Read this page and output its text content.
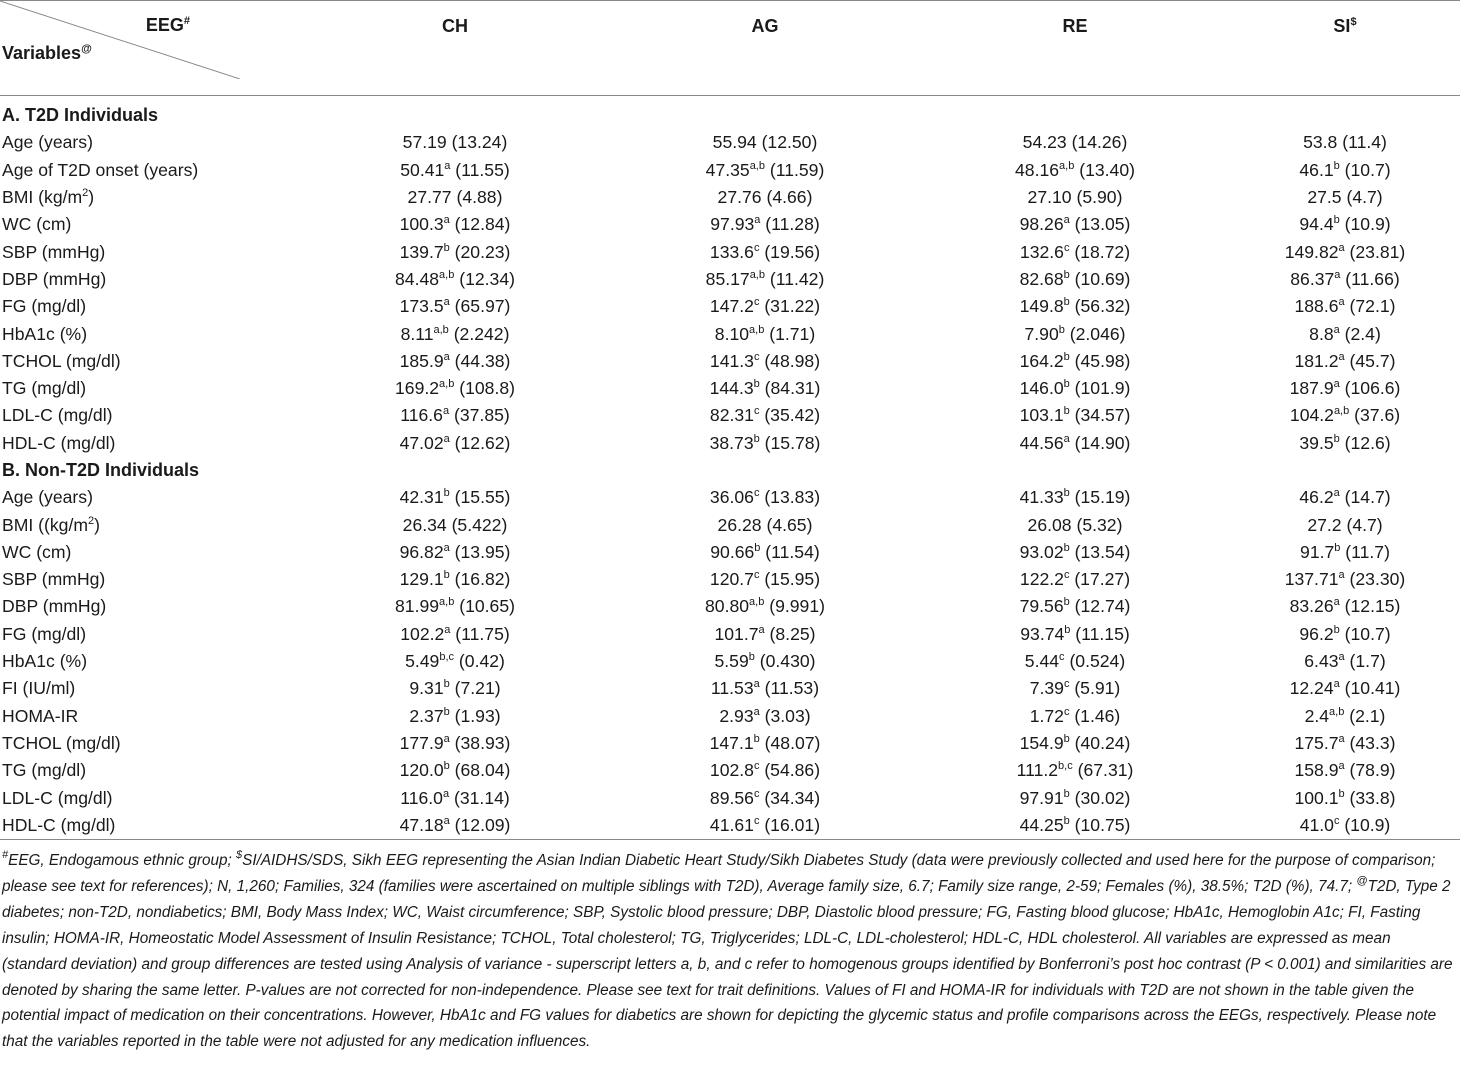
EEG#
Variables@	CH	AG	RE	SI$
A. T2D Individuals				
Age (years)	57.19 (13.24)	55.94 (12.50)	54.23 (14.26)	53.8 (11.4)
Age of T2D onset (years)	50.41$^a$ (11.55)	47.35$^{a,b}$ (11.59)	48.16$^{a,b}$ (13.40)	46.1$^b$ (10.7)
BMI $(kg/m^2)$	27.77 (4.88)	27.76 (4.66)	27.10 (5.90)	27.5 (4.7)
WC (cm)	100.3$^a$ (12.84)	97.93$^a$ (11.28)	98.26$^a$ (13.05)	94.4$^b$ (10.9)
SBP (mmHg)	139.7$^b$ (20.23)	133.6$^c$ (19.56)	132.6$^c$ (18.72)	149.82$^a$ (23.81)
DBP (mmHg)	84.48$^{a,b}$ (12.34)	85.17$^{a,b}$ (11.42)	82.68$^b$ (10.69)	86.37$^a$ (11.66)
FG (mg/dl)	173.5$^a$ (65.97)	147.2$^c$ (31.22)	149.8$^b$ (56.32)	188.6$^a$ (72.1)
HbA1c (%)	8.11$^{a,b}$ (2.242)	8.10$^{a,b}$ (1.71)	7.90$^b$ (2.046)	8.8$^a$ (2.4)
TCHOL (mg/dl)	185.9$^a$ (44.38)	141.3$^c$ (48.98)	164.2$^b$ (45.98)	181.2$^a$ (45.7)
TG (mg/dl)	169.2$^{a,b}$ (108.8)	144.3$^b$ (84.31)	146.0$^b$ (101.9)	187.9$^a$ (106.6)
LDL-C (mg/dl)	116.6$^a$ (37.85)	82.31$^c$ (35.42)	103.1$^b$ (34.57)	104.2$^{a,b}$ (37.6)
HDL-C (mg/dl)	47.02$^a$ (12.62)	38.73$^b$ (15.78)	44.56$^a$ (14.90)	39.5$^b$ (12.6)
B. Non-T2D Individuals				
Age (years)	42.31$^b$ (15.55)	36.06$^c$ (13.83)	41.33$^b$ (15.19)	46.2$^a$ (14.7)
BMI ($(kg/m^2)$	26.34 (5.422)	26.28 (4.65)	26.08 (5.32)	27.2 (4.7)
WC (cm)	96.82$^a$ (13.95)	90.66$^b$ (11.54)	93.02$^b$ (13.54)	91.7$^b$ (11.7)
SBP (mmHg)	129.1$^b$ (16.82)	120.7$^c$ (15.95)	122.2$^c$ (17.27)	137.71$^a$ (23.30)
DBP (mmHg)	81.99$^{a,b}$ (10.65)	80.80$^{a,b}$ (9.991)	79.56$^b$ (12.74)	83.26$^a$ (12.15)
FG (mg/dl)	102.2$^a$ (11.75)	101.7$^a$ (8.25)	93.74$^b$ (11.15)	96.2$^b$ (10.7)
HbA1c (%)	5.49$^{b,c}$ (0.42)	5.59$^b$ (0.430)	5.44$^c$ (0.524)	6.43$^a$ (1.7)
FI (IU/ml)	9.31$^b$ (7.21)	11.53$^a$ (11.53)	7.39$^c$ (5.91)	12.24$^a$ (10.41)
HOMA-IR	2.37$^b$ (1.93)	2.93$^a$ (3.03)	1.72$^c$ (1.46)	2.4$^{a,b}$ (2.1)
TCHOL (mg/dl)	177.9$^a$ (38.93)	147.1$^b$ (48.07)	154.9$^b$ (40.24)	175.7$^a$ (43.3)
TG (mg/dl)	120.0$^b$ (68.04)	102.8$^c$ (54.86)	111.2$^{b,c}$ (67.31)	158.9$^a$ (78.9)
LDL-C (mg/dl)	116.0$^a$ (31.14)	89.56$^c$ (34.34)	97.91$^b$ (30.02)	100.1$^b$ (33.8)
HDL-C (mg/dl)	47.18$^a$ (12.09)	41.61$^c$ (16.01)	44.25$^b$ (10.75)	41.0$^c$ (10.9)
#EEG, Endogamous ethnic group; $SI/AIDHS/SDS, Sikh EEG representing the Asian Indian Diabetic Heart Study/Sikh Diabetes Study (data were previously collected and used here for the purpose of comparison; please see text for references); N, 1,260; Families, 324 (families were ascertained on multiple siblings with T2D), Average family size, 6.7; Family size range, 2-59; Females (%), 38.5%; T2D (%), 74.7; @T2D, Type 2 diabetes; non-T2D, nondiabetics; BMI, Body Mass Index; WC, Waist circumference; SBP, Systolic blood pressure; DBP, Diastolic blood pressure; FG, Fasting blood glucose; HbA1c, Hemoglobin A1c; FI, Fasting insulin; HOMA-IR, Homeostatic Model Assessment of Insulin Resistance; TCHOL, Total cholesterol; TG, Triglycerides; LDL-C, LDL-cholesterol; HDL-C, HDL cholesterol. All variables are expressed as mean (standard deviation) and group differences are tested using Analysis of variance - superscript letters a, b, and c refer to homogenous groups identified by Bonferroni’s post hoc contrast (P < 0.001) and similarities are denoted by sharing the same letter. P-values are not corrected for non-independence. Please see text for trait definitions. Values of FI and HOMA-IR for individuals with T2D are not shown in the table given the potential impact of medication on their concentrations. However, HbA1c and FG values for diabetics are shown for depicting the glycemic status and profile comparisons across the EEGs, respectively. Please note that the variables reported in the table were not adjusted for any medication influences.
